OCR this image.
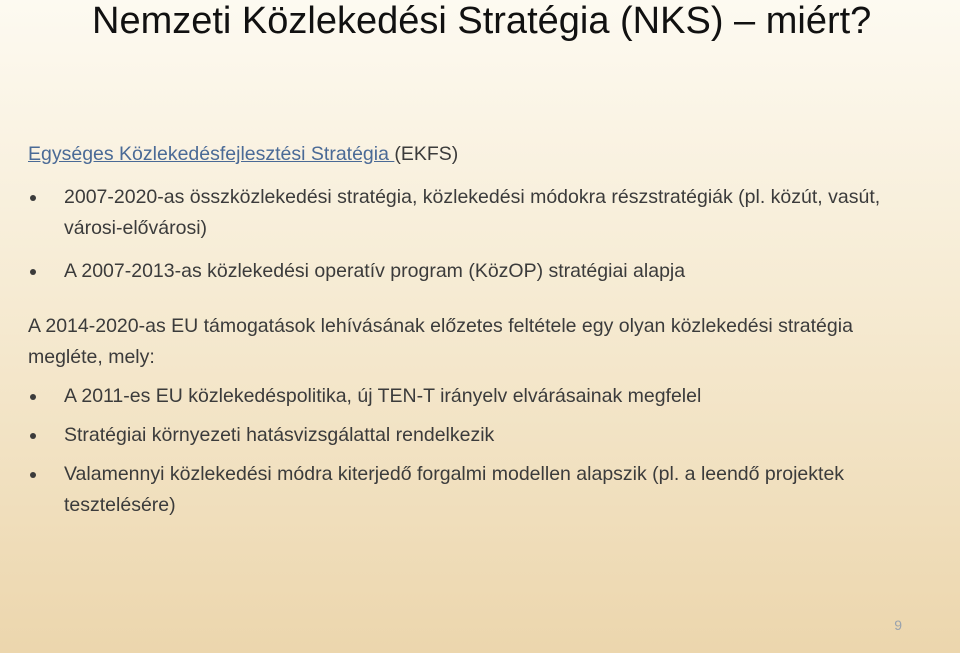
Nemzeti Közlekedési Stratégia (NKS) – miért?

Egységes Közlekedésfejlesztési Stratégia (EKFS)

2007-2020-as összközlekedési stratégia, közlekedési módokra részstratégiák (pl. közút, vasút, városi-elővárosi)
A 2007-2013-as közlekedési operatív program (KözOP) stratégiai alapja

A 2014-2020-as EU támogatások lehívásának előzetes feltétele egy olyan közlekedési stratégia megléte, mely:

A 2011-es EU közlekedéspolitika, új TEN-T irányelv elvárásainak megfelel
Stratégiai környezeti hatásvizsgálattal rendelkezik
Valamennyi közlekedési módra kiterjedő forgalmi modellen alapszik (pl. a leendő projektek tesztelésére)
9
